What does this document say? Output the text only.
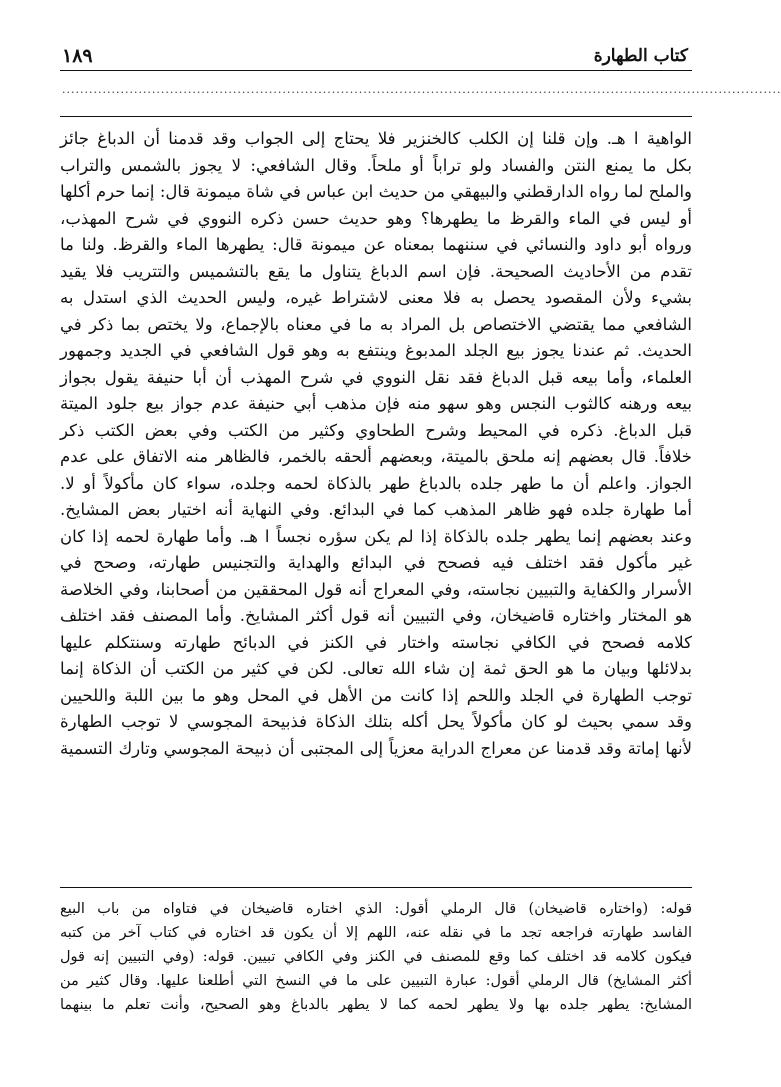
١٨٩	كتاب الطهارة
................................................................................................................................................................
الواهية ا هـ. وإن قلنا إن الكلب كالخنزير فلا يحتاج إلى الجواب وقد قدمنا أن الدباغ جائز
بكل ما يمنع النتن والفساد ولو تراباً أو ملحاً. وقال الشافعي: لا يجوز بالشمس والتراب
والملح لما رواه الدارقطني والبيهقي من حديث ابن عباس في شاة ميمونة قال: إنما حرم أكلها
أو ليس في الماء والقرظ ما يطهرها؟ وهو حديث حسن ذكره النووي في شرح المهذب،
ورواه أبو داود والنسائي في سننهما بمعناه عن ميمونة قال: يطهرها الماء والقرظ. ولنا ما
تقدم من الأحاديث الصحيحة. فإن اسم الدباغ يتناول ما يقع بالتشميس والتتريب فلا يقيد
بشيء ولأن المقصود يحصل به فلا معنى لاشتراط غيره، وليس الحديث الذي استدل به
الشافعي مما يقتضي الاختصاص بل المراد به ما في معناه بالإجماع، ولا يختص بما ذكر في
الحديث. ثم عندنا يجوز بيع الجلد المدبوغ وينتفع به وهو قول الشافعي في الجديد وجمهور
العلماء، وأما بيعه قبل الدباغ فقد نقل النووي في شرح المهذب أن أبا حنيفة يقول بجواز
بيعه ورهنه كالثوب النجس وهو سهو منه فإن مذهب أبي حنيفة عدم جواز بيع جلود الميتة
قبل الدباغ. ذكره في المحيط وشرح الطحاوي وكثير من الكتب وفي بعض الكتب ذكر
خلافاً. قال بعضهم إنه ملحق بالميتة، وبعضهم ألحقه بالخمر، فالظاهر منه الاتفاق على عدم
الجواز. واعلم أن ما طهر جلده بالدباغ طهر بالذكاة لحمه وجلده، سواء كان مأكولاً أو لا.
أما طهارة جلده فهو ظاهر المذهب كما في البدائع. وفي النهاية أنه اختيار بعض المشايخ.
وعند بعضهم إنما يطهر جلده بالذكاة إذا لم يكن سؤره نجساً ا هـ. وأما طهارة لحمه إذا كان
غير مأكول فقد اختلف فيه فصحح في البدائع والهداية والتجنيس طهارته، وصحح في
الأسرار والكفاية والتبيين نجاسته، وفي المعراج أنه قول المحققين من أصحابنا، وفي الخلاصة
هو المختار واختاره قاضيخان، وفي التبيين أنه قول أكثر المشايخ. وأما المصنف فقد اختلف
كلامه فصحح في الكافي نجاسته واختار في الكنز في الدبائح طهارته وسنتكلم عليها
بدلائلها وبيان ما هو الحق ثمة إن شاء الله تعالى. لكن في كثير من الكتب أن الذكاة إنما
توجب الطهارة في الجلد واللحم إذا كانت من الأهل في المحل وهو ما بين اللبة واللحيين
وقد سمي بحيث لو كان مأكولاً يحل أكله بتلك الذكاة فذبيحة المجوسي لا توجب الطهارة
لأنها إماتة وقد قدمنا عن معراج الدراية معزياً إلى المجتبى أن ذبيحة المجوسي وتارك التسمية
قوله: (واختاره قاضيخان) قال الرملي أقول: الذي اختاره قاضيخان في فتاواه من باب البيع
الفاسد طهارته فراجعه تجد ما في نقله عنه، اللهم إلا أن يكون قد اختاره في كتاب آخر من كتبه
فيكون كلامه قد اختلف كما وقع للمصنف في الكنز وفي الكافي تبيين. قوله: (وفي التبيين إنه قول
أكثر المشايخ) قال الرملي أقول: عبارة التبيين على ما في النسخ التي أطلعنا عليها. وقال كثير من
المشايخ: يطهر جلده بها ولا يطهر لحمه كما لا يطهر بالدباغ وهو الصحيح، وأنت تعلم ما بينهما
